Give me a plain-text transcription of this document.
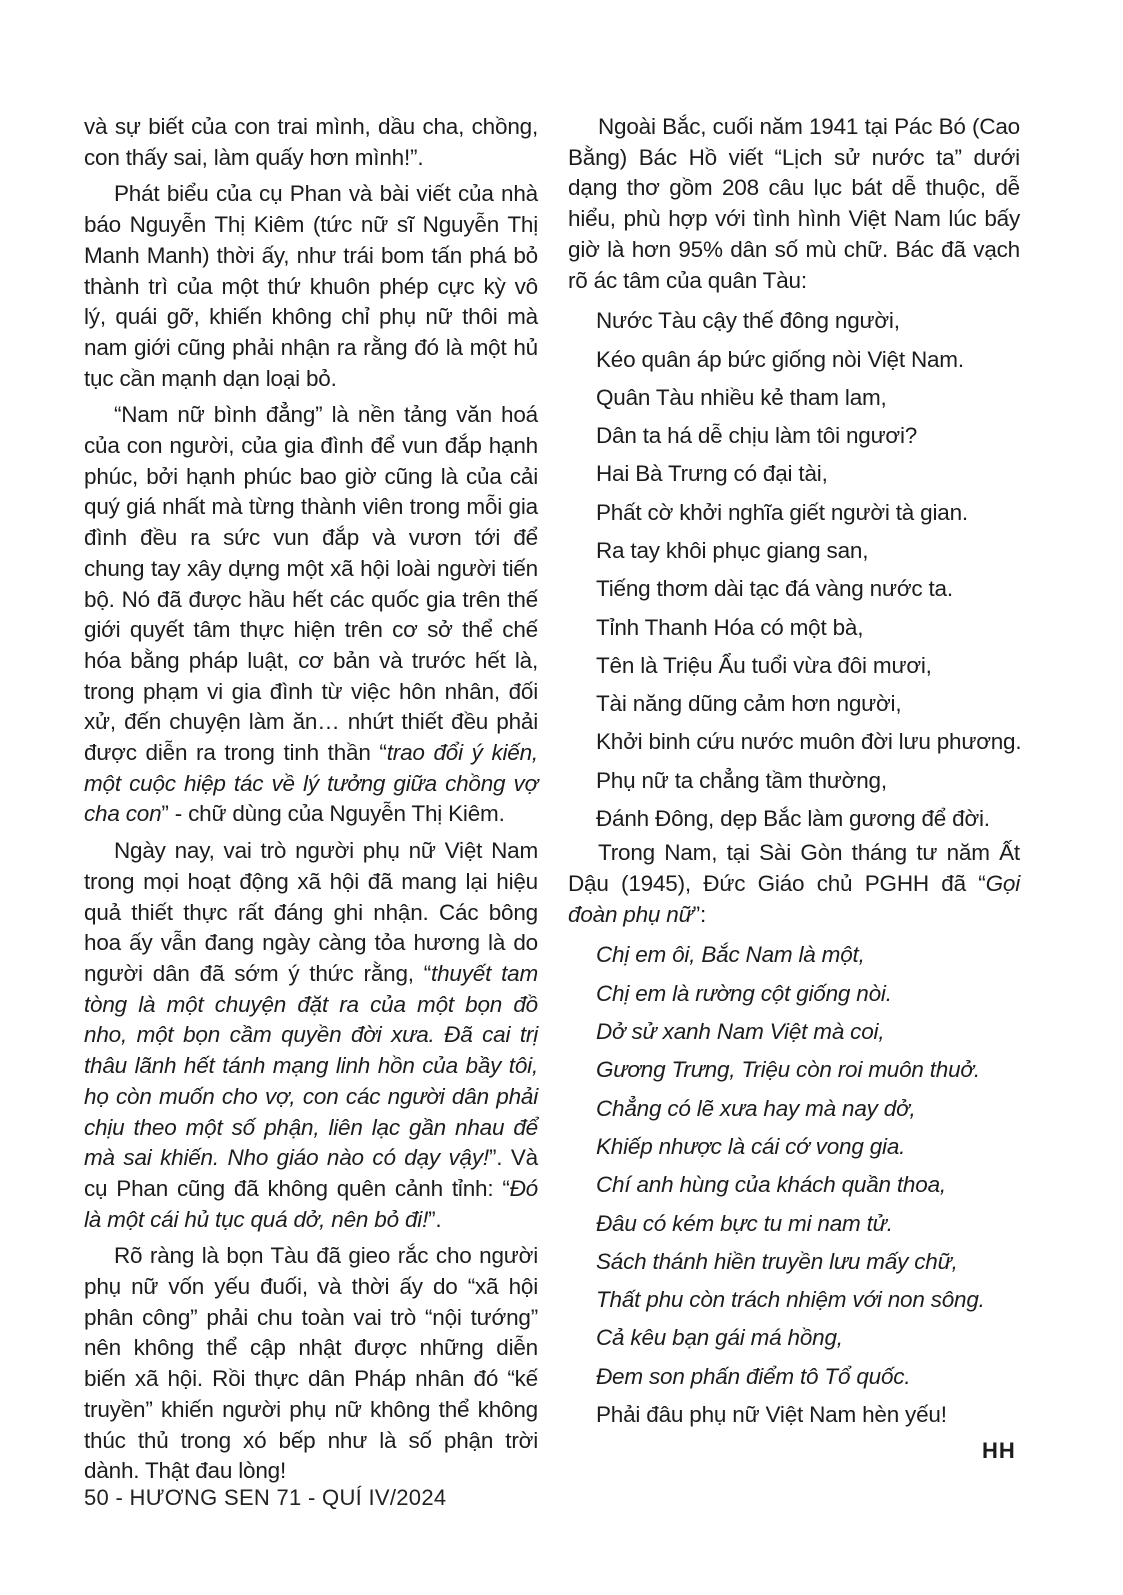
và sự biết của con trai mình, dầu cha, chồng, con thấy sai, làm quấy hơn mình!”.

Phát biểu của cụ Phan và bài viết của nhà báo Nguyễn Thị Kiêm (tức nữ sĩ Nguyễn Thị Manh Manh) thời ấy, như trái bom tấn phá bỏ thành trì của một thứ khuôn phép cực kỳ vô lý, quái gỡ, khiến không chỉ phụ nữ thôi mà nam giới cũng phải nhận ra rằng đó là một hủ tục cần mạnh dạn loại bỏ.

“Nam nữ bình đẳng” là nền tảng văn hoá của con người, của gia đình để vun đắp hạnh phúc, bởi hạnh phúc bao giờ cũng là của cải quý giá nhất mà từng thành viên trong mỗi gia đình đều ra sức vun đắp và vươn tới để chung tay xây dựng một xã hội loài người tiến bộ. Nó đã được hầu hết các quốc gia trên thế giới quyết tâm thực hiện trên cơ sở thể chế hóa bằng pháp luật, cơ bản và trước hết là, trong phạm vi gia đình từ việc hôn nhân, đối xử, đến chuyện làm ăn… nhứt thiết đều phải được diễn ra trong tinh thần “trao đổi ý kiến, một cuộc hiệp tác về lý tưởng giữa chồng vợ cha con” - chữ dùng của Nguyễn Thị Kiêm.

Ngày nay, vai trò người phụ nữ Việt Nam trong mọi hoạt động xã hội đã mang lại hiệu quả thiết thực rất đáng ghi nhận. Các bông hoa ấy vẫn đang ngày càng tỏa hương là do người dân đã sớm ý thức rằng, “thuyết tam tòng là một chuyện đặt ra của một bọn đồ nho, một bọn cầm quyền đời xưa. Đã cai trị thâu lãnh hết tánh mạng linh hồn của bầy tôi, họ còn muốn cho vợ, con các người dân phải chịu theo một số phận, liên lạc gần nhau để mà sai khiến. Nho giáo nào có dạy vậy!”. Và cụ Phan cũng đã không quên cảnh tỉnh: “Đó là một cái hủ tục quá dở, nên bỏ đi!”.

Rõ ràng là bọn Tàu đã gieo rắc cho người phụ nữ vốn yếu đuối, và thời ấy do “xã hội phân công” phải chu toàn vai trò “nội tướng” nên không thể cập nhật được những diễn biến xã hội. Rồi thực dân Pháp nhân đó “kế truyền” khiến người phụ nữ không thể không thúc thủ trong xó bếp như là số phận trời dành. Thật đau lòng!

Ngoài Bắc, cuối năm 1941 tại Pác Bó (Cao Bằng) Bác Hồ viết “Lịch sử nước ta” dưới dạng thơ gồm 208 câu lục bát dễ thuộc, dễ hiểu, phù hợp với tình hình Việt Nam lúc bấy giờ là hơn 95% dân số mù chữ. Bác đã vạch rõ ác tâm của quân Tàu:

Nước Tàu cậy thế đông người,
Kéo quân áp bức giống nòi Việt Nam.
Quân Tàu nhiều kẻ tham lam,
Dân ta há dễ chịu làm tôi ngươi?
Hai Bà Trưng có đại tài,
Phất cờ khởi nghĩa giết người tà gian.
Ra tay khôi phục giang san,
Tiếng thơm dài tạc đá vàng nước ta.
Tỉnh Thanh Hóa có một bà,
Tên là Triệu Ẩu tuổi vừa đôi mươi,
Tài năng dũng cảm hơn người,
Khởi binh cứu nước muôn đời lưu phương.
Phụ nữ ta chẳng tầm thường,
Đánh Đông, dẹp Bắc làm gương để đời.

Trong Nam, tại Sài Gòn tháng tư năm Ất Dậu (1945), Đức Giáo chủ PGHH đã “Gọi đoàn phụ nữ”:

Chị em ôi, Bắc Nam là một,
Chị em là rường cột giống nòi.
Dở sử xanh Nam Việt mà coi,
Gương Trưng, Triệu còn roi muôn thuở.
Chẳng có lẽ xưa hay mà nay dở,
Khiếp nhược là cái cớ vong gia.
Chí anh hùng của khách quần thoa,
Đâu có kém bực tu mi nam tử.
Sách thánh hiền truyền lưu mấy chữ,
Thất phu còn trách nhiệm với non sông.
Cả kêu bạn gái má hồng,
Đem son phấn điểm tô Tổ quốc.
Phải đâu phụ nữ Việt Nam hèn yếu!
HH
50 - HƯƠNG SEN 71 - QUÍ IV/2024
